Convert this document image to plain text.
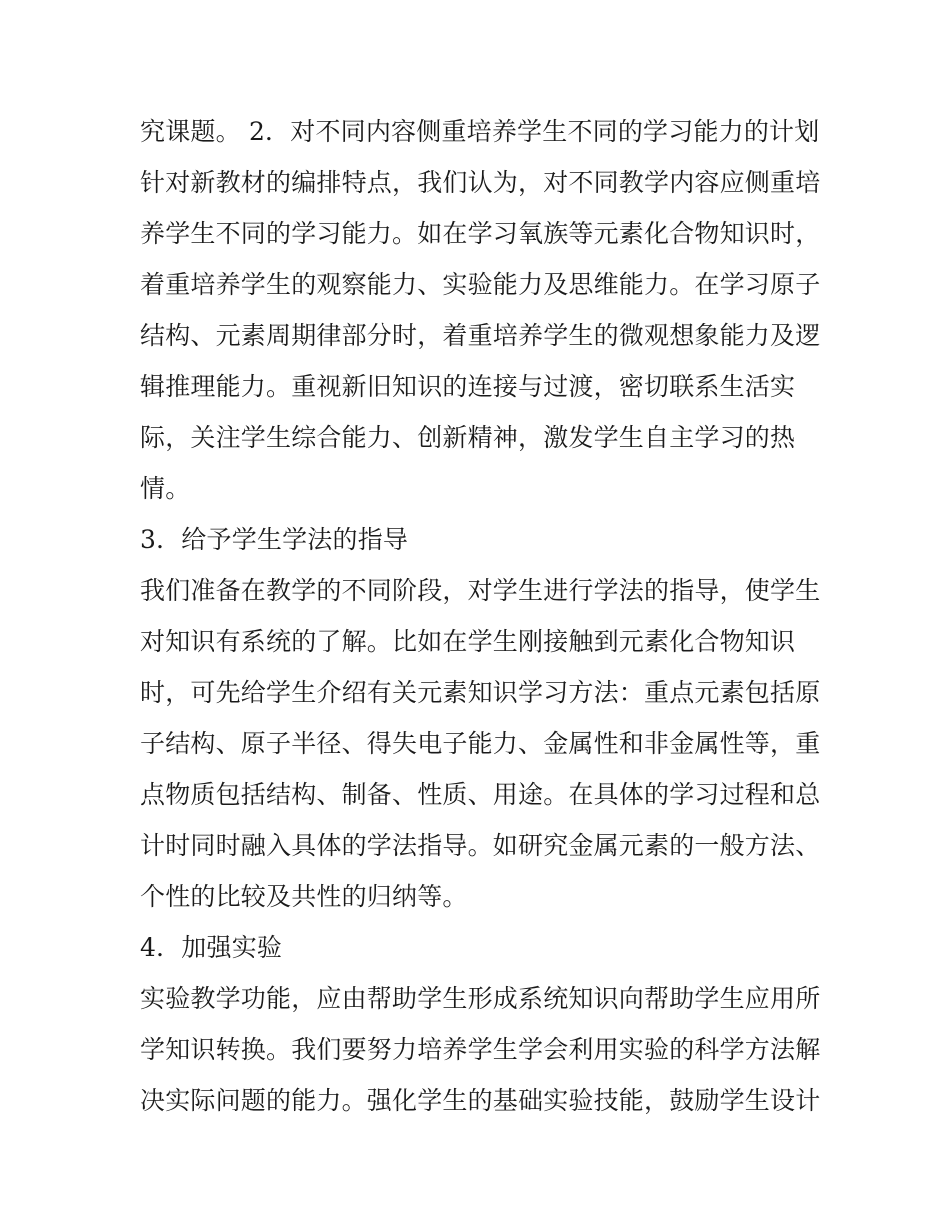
究课题。 2．对不同内容侧重培养学生不同的学习能力的计划
针对新教材的编排特点，我们认为，对不同教学内容应侧重培
养学生不同的学习能力。如在学习氧族等元素化合物知识时，
着重培养学生的观察能力、实验能力及思维能力。在学习原子
结构、元素周期律部分时，着重培养学生的微观想象能力及逻
辑推理能力。重视新旧知识的连接与过渡，密切联系生活实
际，关注学生综合能力、创新精神，激发学生自主学习的热
情。
3．给予学生学法的指导
我们准备在教学的不同阶段，对学生进行学法的指导，使学生
对知识有系统的了解。比如在学生刚接触到元素化合物知识
时，可先给学生介绍有关元素知识学习方法：重点元素包括原
子结构、原子半径、得失电子能力、金属性和非金属性等，重
点物质包括结构、制备、性质、用途。在具体的学习过程和总
计时同时融入具体的学法指导。如研究金属元素的一般方法、
个性的比较及共性的归纳等。
4．加强实验
实验教学功能，应由帮助学生形成系统知识向帮助学生应用所
学知识转换。我们要努力培养学生学会利用实验的科学方法解
决实际问题的能力。强化学生的基础实验技能，鼓励学生设计
